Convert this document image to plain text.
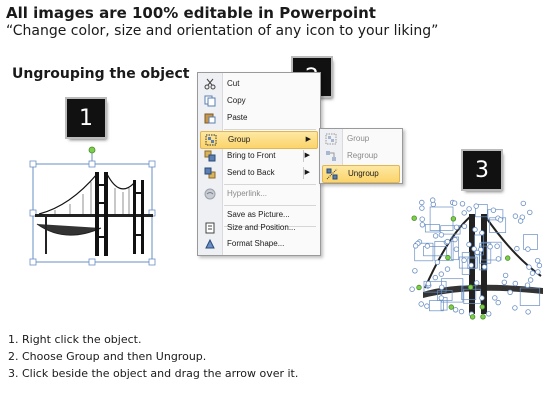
All images are 100% editable in Powerpoint
“Change color, size and orientation of any icon to your liking”
Ungrouping the object
1
3
Cut
Copy
Paste
Group	▶
Bring to Front	▶
Send to Back	▶
Hyperlink...
Save as Picture...
Size and Position...
Format Shape...
Group
Regroup
Ungroup
1. Right click the object.
2. Choose Group and then Ungroup.
3. Click beside the object and drag the arrow over it.
